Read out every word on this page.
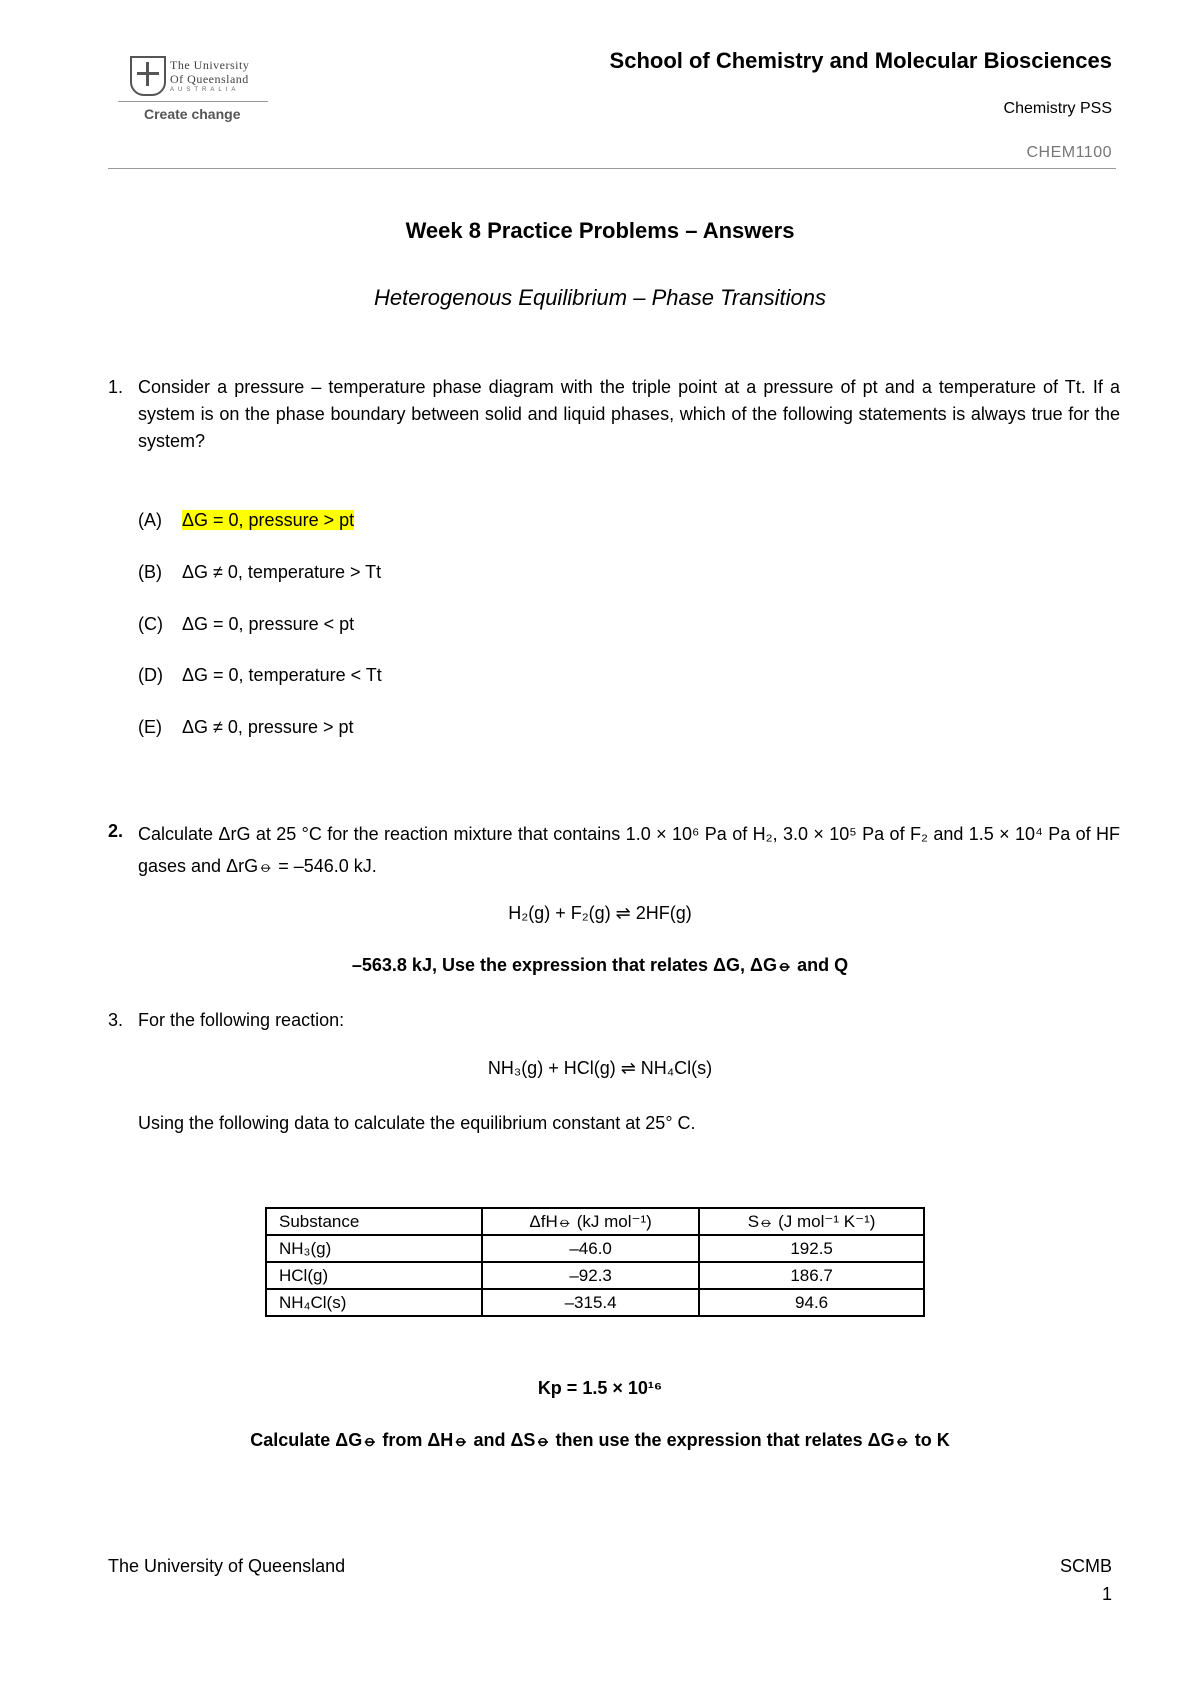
The University
Of Queensland
AUSTRALIA
Create change
School of Chemistry and Molecular Biosciences
Chemistry PSS
CHEM1100
Week 8 Practice Problems – Answers
Heterogenous Equilibrium – Phase Transitions
1. Consider a pressure – temperature phase diagram with the triple point at a pressure of pt and a temperature of Tt. If a system is on the phase boundary between solid and liquid phases, which of the following statements is always true for the system?
(A) ΔG = 0, pressure > pt
(B) ΔG ≠ 0, temperature > Tt
(C) ΔG = 0, pressure < pt
(D) ΔG = 0, temperature < Tt
(E) ΔG ≠ 0, pressure > pt
2. Calculate ΔrG at 25 °C for the reaction mixture that contains 1.0 × 10⁶ Pa of H₂, 3.0 × 10⁵ Pa of F₂ and 1.5 × 10⁴ Pa of HF gases and ΔrG⦵ = –546.0 kJ.
H₂(g) + F₂(g) ⇌ 2HF(g)
–563.8 kJ, Use the expression that relates ΔG, ΔG⦵ and Q
3. For the following reaction:
NH₃(g) + HCl(g) ⇌ NH₄Cl(s)
Using the following data to calculate the equilibrium constant at 25° C.
Substance	ΔfH⦵ (kJ mol⁻¹)	S⦵ (J mol⁻¹ K⁻¹)
NH₃(g)	–46.0	192.5
HCl(g)	–92.3	186.7
NH₄Cl(s)	–315.4	94.6
Kp = 1.5 × 10¹⁶
Calculate ΔG⦵ from ΔH⦵ and ΔS⦵ then use the expression that relates ΔG⦵ to K
The University of Queensland	SCMB
1
